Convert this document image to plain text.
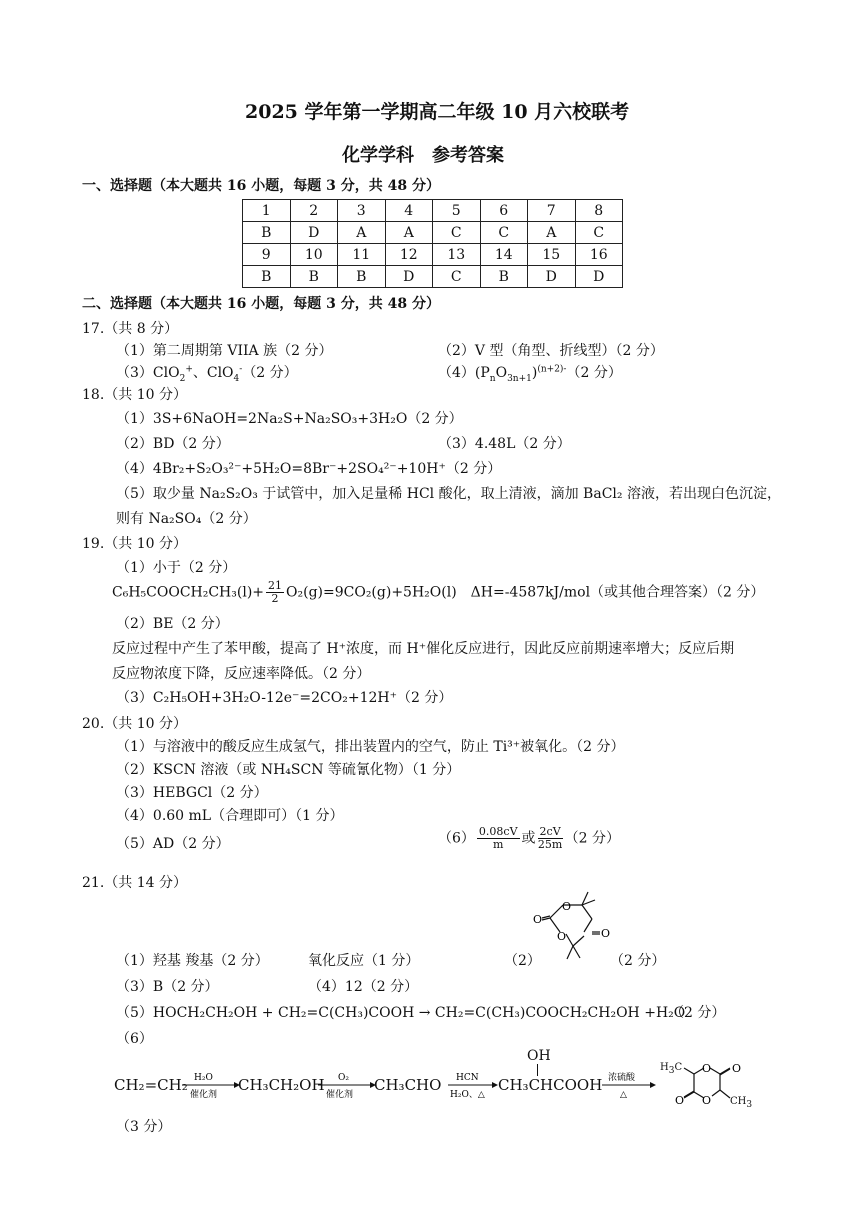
2025 学年第一学期高二年级 10 月六校联考
化学学科　参考答案
一、选择题（本大题共 16 小题，每题 3 分，共 48 分）
1	2	3	4	5	6	7	8
B	D	A	A	C	C	A	C
9	10	11	12	13	14	15	16
B	B	B	D	C	B	D	D
二、选择题（本大题共 16 小题，每题 3 分，共 48 分）
17.（共 8 分）
（1）第二周期第 VIIA 族（2 分）	（2）V 型（角型、折线型）（2 分）
（3）ClO$_2$+、ClO$_4$-（2 分）	$(4)(P_nO_{3n+1})^{(n+2)-}(2$ 分）
18.（共 10 分）
（1）3S+6NaOH=2Na₂S+Na₂SO₃+3H₂O（2 分）
（2）BD（2 分）	（3）4.48L（2 分）
（4）4Br₂+S₂O₃²⁻+5H₂O=8Br⁻+2SO₄²⁻+10H⁺（2 分）
（5）取少量 Na₂S₂O₃ 于试管中，加入足量稀 HCl 酸化，取上清液，滴加 BaCl₂ 溶液，若出现白色沉淀，
则有 Na₂SO₄（2 分）
19.（共 10 分）
（1）小于（2 分）
C₆H₅COOCH₂CH₃(l)+ $\frac{21}{2} O_2(g)=9CO_2(g)+5H_2O(l)$　ΔH=-4587kJ/mol（或其他合理答案）（2 分）
（2）BE（2 分）
反应过程中产生了苯甲酸，提高了 H⁺浓度，而 H⁺催化反应进行，因此反应前期速率增大；反应后期
反应物浓度下降，反应速率降低。（2 分）
（3）C₂H₅OH+3H₂O-12e⁻=2CO₂+12H⁺（2 分）
20.（共 10 分）
（1）与溶液中的酸反应生成氢气，排出装置内的空气，防止 Ti³⁺被氧化。（2 分）
（2）KSCN 溶液（或 NH₄SCN 等硫氰化物）（1 分）
（3）HEBGCl（2 分）
（4）0.60 mL（合理即可）（1 分）
（5）AD（2 分）	$(6) \frac{0.08cV}{m}$ 或 $\frac{2cV}{25m} (2$ 分）
21.（共 14 分）
O
O
O
O
（1）羟基 羧基（2 分）	氧化反应（1 分）	（2）	（2 分）
（3）B（2 分）	（4）12（2 分）
（5）HOCH₂CH₂OH + CH₂=C(CH₃)COOH → CH₂=C(CH₃)COOCH₂CH₂OH +H₂O
（2 分）
（6）
CH₂=CH₂ H₂O
催化剂
CH₃CH₂OH O₂
催化剂
CH₃CHO HCN
H₂O、△
OH
CH₃CHCOOH 浓硫酸
△
O
O
O
O
$H_3C$
$CH_3$
（3 分）
